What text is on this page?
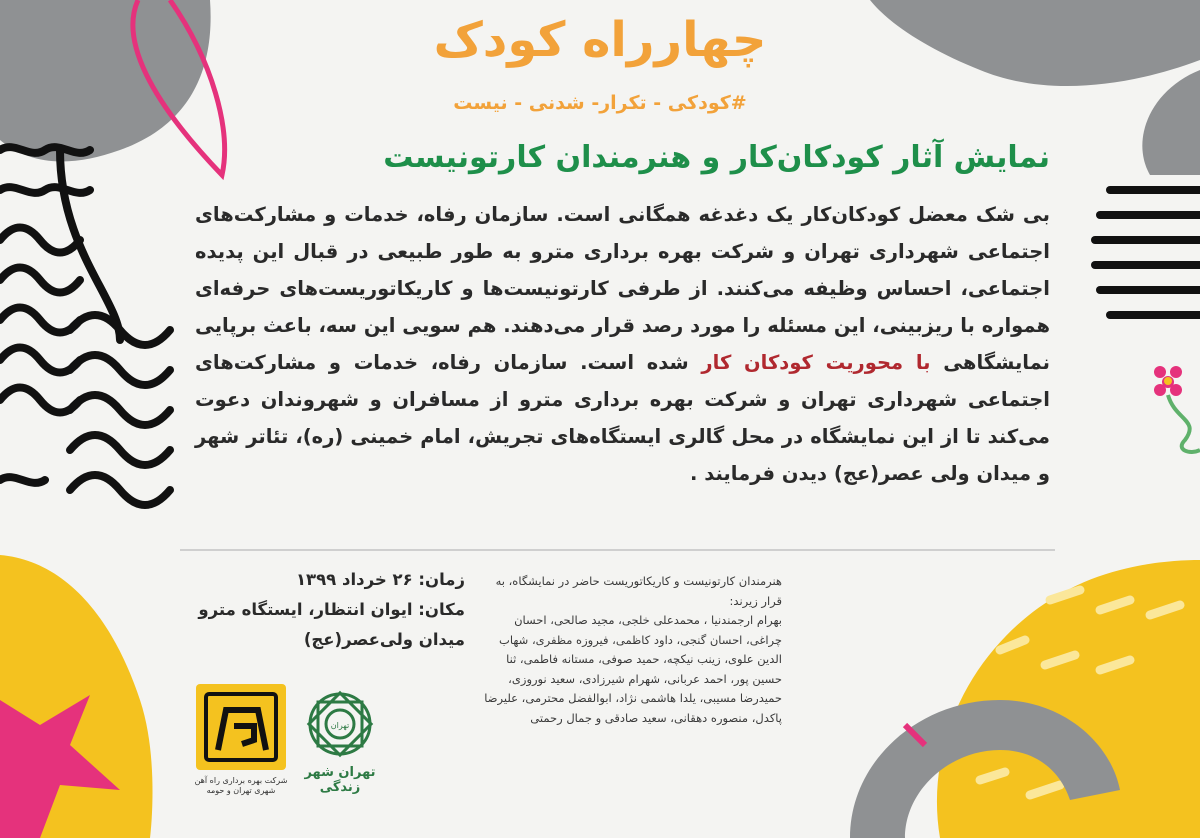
چهارراه کودک

#کودکی - تکرار- شدنی - نیست

نمایش آثار کودکان‌کار و هنرمندان کارتونیست

بی شک معضل کودکان‌کار یک دغدغه همگانی است. سازمان رفاه، خدمات و مشارکت‌های اجتماعی شهرداری تهران و شرکت بهره برداری مترو به طور طبیعی در قبال این پدیده اجتماعی، احساس وظیفه می‌کنند. از طرفی کارتونیست‌ها و کاریکاتوریست‌های حرفه‌ای همواره با ریزبینی، این مسئله را مورد رصد قرار می‌دهند. هم سویی این سه، باعث برپایی نمایشگاهی با محوریت کودکان کار شده است. سازمان رفاه، خدمات و مشارکت‌های اجتماعی شهرداری تهران و شرکت بهره برداری مترو از مسافران و شهروندان دعوت می‌کند تا از این نمایشگاه در محل گالری ایستگاه‌های تجریش، امام خمینی (ره)، تئاتر شهر و میدان ولی عصر(عج) دیدن فرمایند .

زمان: ۲۶ خرداد ۱۳۹۹

مکان: ایوان انتظار، ایستگاه مترو

میدان ولی‌عصر(عج)

هنرمندان کارتونیست و کاریکاتوریست حاضر در نمایشگاه، به قرار زیرند:

بهرام ارجمندنیا ، محمدعلی خلجی، مجید صالحی، احسان چراغی، احسان گنجی، داود کاظمی، فیروزه مظفری، شهاب الدین علوی، زینب نیکچه، حمید صوفی، مستانه فاطمی، ثنا حسین پور، احمد عربانی، شهرام شیرزادی، سعید نوروزی، حمیدرضا مسیبی، یلدا هاشمی نژاد، ابوالفضل محترمی، علیرضا پاکدل، منصوره دهقانی، سعید صادقی و جمال رحمتی

شرکت بهره برداری راه آهن شهری تهران و حومه
تهران
تهران شهر زندگی
